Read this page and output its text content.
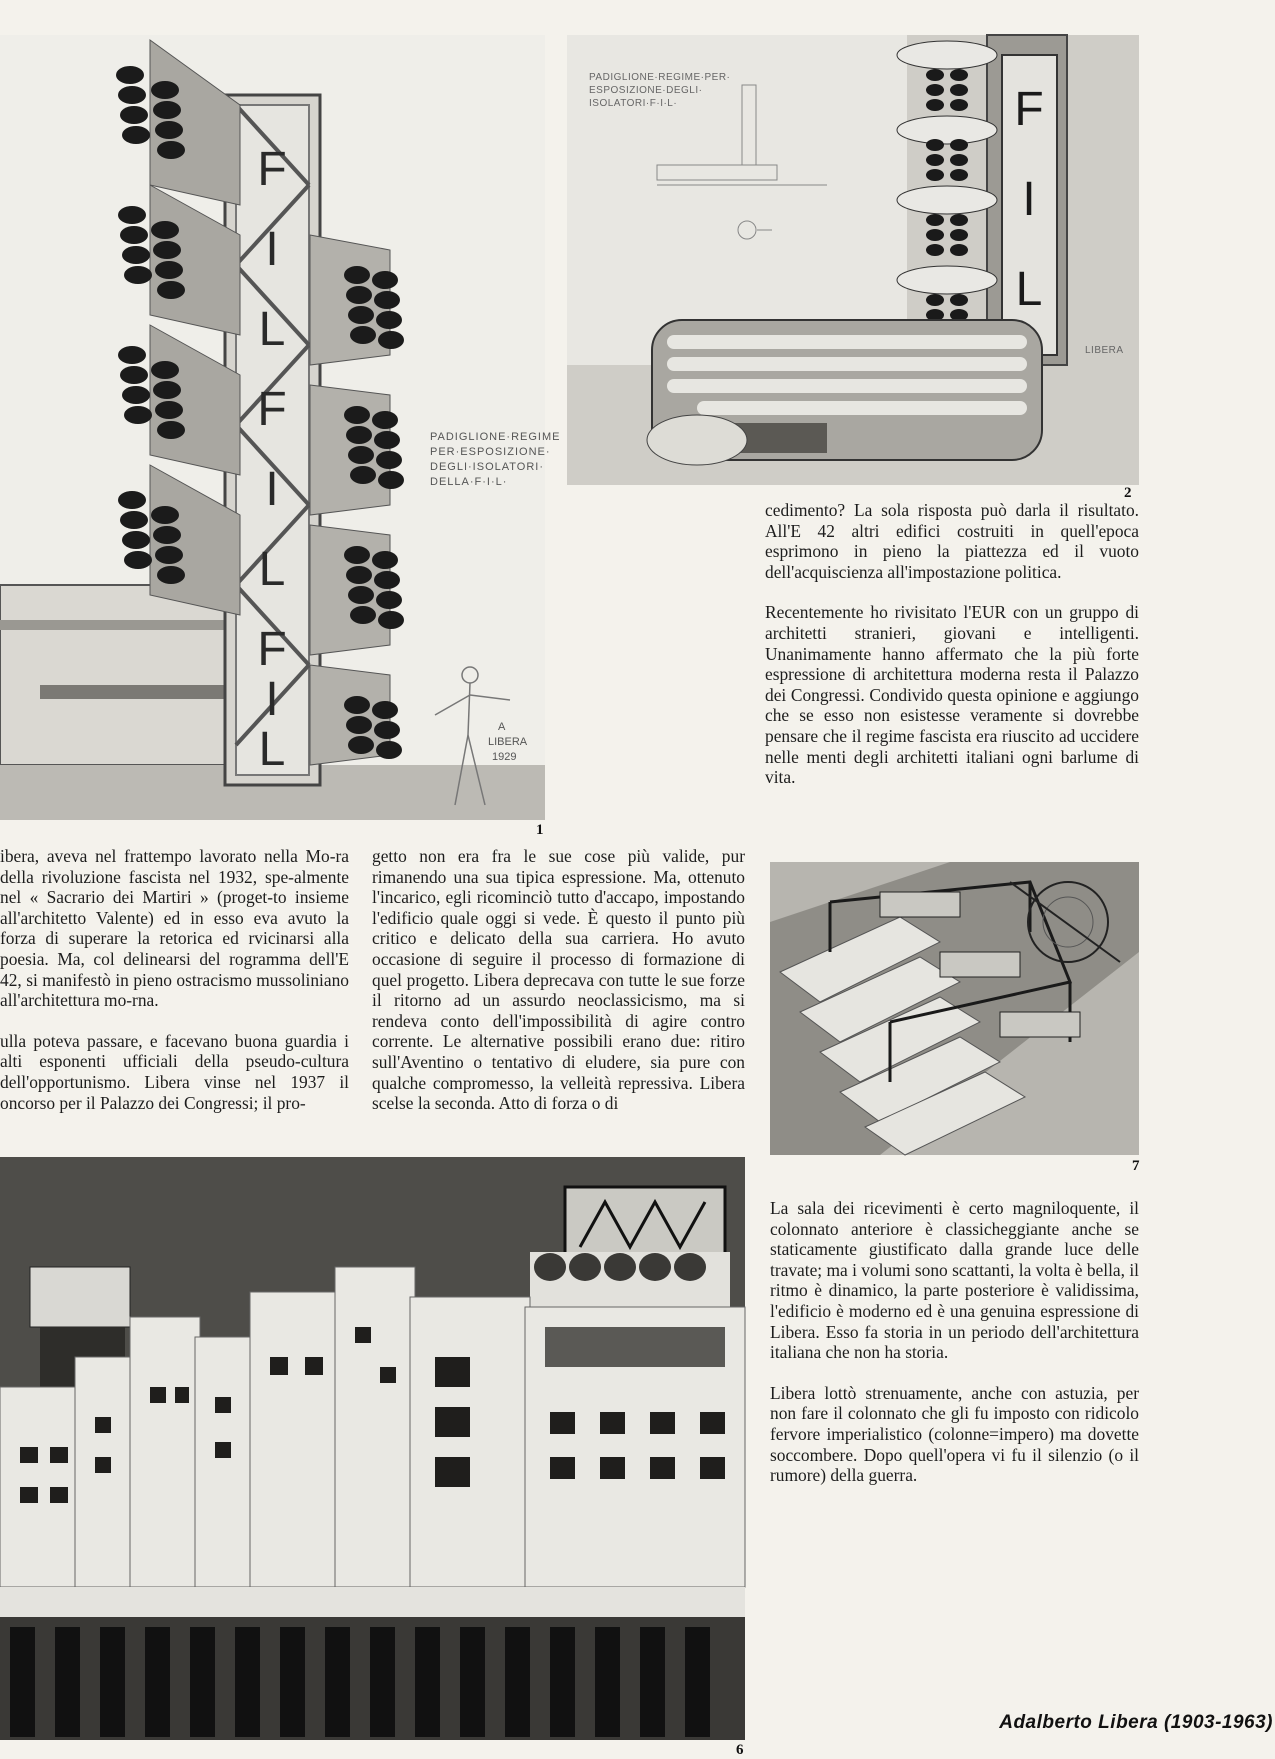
F
I
L
F
I
L
F
I
L
PADIGLIONE·REGIME
PER·ESPOSIZIONE·
DEGLI·ISOLATORI·
DELLA·F·I·L·
A
LIBERA
1929
1
F
I
L
PADIGLIONE·REGIME·PER·
ESPOSIZIONE·DEGLI·
ISOLATORI·F·I·L·
LIBERA
2
7
6

ibera, aveva nel frattempo lavorato nella Mo-ra della rivoluzione fascista nel 1932, spe-almente nel « Sacrario dei Martiri » (proget-to insieme all'architetto Valente) ed in esso eva avuto la forza di superare la retorica ed rvicinarsi alla poesia. Ma, col delinearsi del rogramma dell'E 42, si manifestò in pieno ostracismo mussoliniano all'architettura mo-rna.

ulla poteva passare, e facevano buona guardia i alti esponenti ufficiali della pseudo-cultura dell'opportunismo. Libera vinse nel 1937 il oncorso per il Palazzo dei Congressi; il pro-

getto non era fra le sue cose più valide, pur rimanendo una sua tipica espressione. Ma, ottenuto l'incarico, egli ricominciò tutto d'accapo, impostando l'edificio quale oggi si vede. È questo il punto più critico e delicato della sua carriera. Ho avuto occasione di seguire il processo di formazione di quel progetto. Libera deprecava con tutte le sue forze il ritorno ad un assurdo neoclassicismo, ma si rendeva conto dell'impossibilità di agire contro corrente. Le alternative possibili erano due: ritiro sull'Aventino o tentativo di eludere, sia pure con qualche compromesso, la velleità repressiva. Libera scelse la seconda. Atto di forza o di

cedimento? La sola risposta può darla il risultato. All'E 42 altri edifici costruiti in quell'epoca esprimono in pieno la piattezza ed il vuoto dell'acquiscienza all'impostazione politica.

Recentemente ho rivisitato l'EUR con un gruppo di architetti stranieri, giovani e intelligenti. Unanimamente hanno affermato che la più forte espressione di architettura moderna resta il Palazzo dei Congressi. Condivido questa opinione e aggiungo che se esso non esistesse veramente si dovrebbe pensare che il regime fascista era riuscito ad uccidere nelle menti degli architetti italiani ogni barlume di vita.

La sala dei ricevimenti è certo magniloquente, il colonnato anteriore è classicheggiante anche se staticamente giustificato dalla grande luce delle travate; ma i volumi sono scattanti, la volta è bella, il ritmo è dinamico, la parte posteriore è validissima, l'edificio è moderno ed è una genuina espressione di Libera. Esso fa storia in un periodo dell'architettura italiana che non ha storia.

Libera lottò strenuamente, anche con astuzia, per non fare il colonnato che gli fu imposto con ridicolo fervore imperialistico (colonne=impero) ma dovette soccombere. Dopo quell'opera vi fu il silenzio (o il rumore) della guerra.

Adalberto Libera (1903-1963)
